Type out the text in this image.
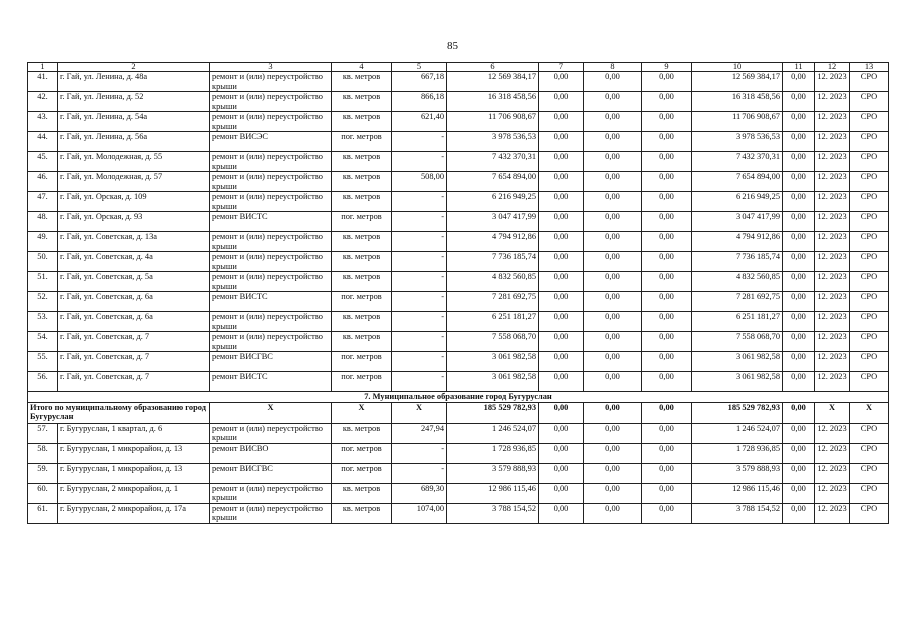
85
1	2	3	4	5	6	7	8	9	10	11	12	13
41.	г. Гай, ул. Ленина, д. 48а	ремонт и (или) переустройство крыши	кв. метров	667,18	12 569 384,17	0,00	0,00	0,00	12 569 384,17	0,00	12. 2023	СРО
42.	г. Гай, ул. Ленина, д. 52	ремонт и (или) переустройство крыши	кв. метров	866,18	16 318 458,56	0,00	0,00	0,00	16 318 458,56	0,00	12. 2023	СРО
43.	г. Гай, ул. Ленина, д. 54а	ремонт и (или) переустройство крыши	кв. метров	621,40	11 706 908,67	0,00	0,00	0,00	11 706 908,67	0,00	12. 2023	СРО
44.	г. Гай, ул. Ленина, д. 56а	ремонт ВИСЭС	пог. метров	-	3 978 536,53	0,00	0,00	0,00	3 978 536,53	0,00	12. 2023	СРО
45.	г. Гай, ул. Молодежная, д. 55	ремонт и (или) переустройство крыши	кв. метров	-	7 432 370,31	0,00	0,00	0,00	7 432 370,31	0,00	12. 2023	СРО
46.	г. Гай, ул. Молодежная, д. 57	ремонт и (или) переустройство крыши	кв. метров	508,00	7 654 894,00	0,00	0,00	0,00	7 654 894,00	0,00	12. 2023	СРО
47.	г. Гай, ул. Орская, д. 109	ремонт и (или) переустройство крыши	кв. метров	-	6 216 949,25	0,00	0,00	0,00	6 216 949,25	0,00	12. 2023	СРО
48.	г. Гай, ул. Орская, д. 93	ремонт ВИСТС	пог. метров	-	3 047 417,99	0,00	0,00	0,00	3 047 417,99	0,00	12. 2023	СРО
49.	г. Гай, ул. Советская, д. 13а	ремонт и (или) переустройство крыши	кв. метров	-	4 794 912,86	0,00	0,00	0,00	4 794 912,86	0,00	12. 2023	СРО
50.	г. Гай, ул. Советская, д. 4а	ремонт и (или) переустройство крыши	кв. метров	-	7 736 185,74	0,00	0,00	0,00	7 736 185,74	0,00	12. 2023	СРО
51.	г. Гай, ул. Советская, д. 5а	ремонт и (или) переустройство крыши	кв. метров	-	4 832 560,85	0,00	0,00	0,00	4 832 560,85	0,00	12. 2023	СРО
52.	г. Гай, ул. Советская, д. 6а	ремонт ВИСТС	пог. метров	-	7 281 692,75	0,00	0,00	0,00	7 281 692,75	0,00	12. 2023	СРО
53.	г. Гай, ул. Советская, д. 6а	ремонт и (или) переустройство крыши	кв. метров	-	6 251 181,27	0,00	0,00	0,00	6 251 181,27	0,00	12. 2023	СРО
54.	г. Гай, ул. Советская, д. 7	ремонт и (или) переустройство крыши	кв. метров	-	7 558 068,70	0,00	0,00	0,00	7 558 068,70	0,00	12. 2023	СРО
55.	г. Гай, ул. Советская, д. 7	ремонт ВИСГВС	пог. метров	-	3 061 982,58	0,00	0,00	0,00	3 061 982,58	0,00	12. 2023	СРО
56.	г. Гай, ул. Советская, д. 7	ремонт ВИСТС	пог. метров	-	3 061 982,58	0,00	0,00	0,00	3 061 982,58	0,00	12. 2023	СРО
7. Муниципальное образование город Бугуруслан												
Итого по муниципальному образованию город Бугуруслан		Х	Х	Х	185 529 782,93	0,00	0,00	0,00	185 529 782,93	0,00	Х	Х
57.	г. Бугуруслан, 1 квартал, д. 6	ремонт и (или) переустройство крыши	кв. метров	247,94	1 246 524,07	0,00	0,00	0,00	1 246 524,07	0,00	12. 2023	СРО
58.	г. Бугуруслан, 1 микрорайон, д. 13	ремонт ВИСВО	пог. метров	-	1 728 936,85	0,00	0,00	0,00	1 728 936,85	0,00	12. 2023	СРО
59.	г. Бугуруслан, 1 микрорайон, д. 13	ремонт ВИСГВС	пог. метров	-	3 579 888,93	0,00	0,00	0,00	3 579 888,93	0,00	12. 2023	СРО
60.	г. Бугуруслан, 2 микрорайон, д. 1	ремонт и (или) переустройство крыши	кв. метров	689,30	12 986 115,46	0,00	0,00	0,00	12 986 115,46	0,00	12. 2023	СРО
61.	г. Бугуруслан, 2 микрорайон, д. 17а	ремонт и (или) переустройство крыши	кв. метров	1074,00	3 788 154,52	0,00	0,00	0,00	3 788 154,52	0,00	12. 2023	СРО
